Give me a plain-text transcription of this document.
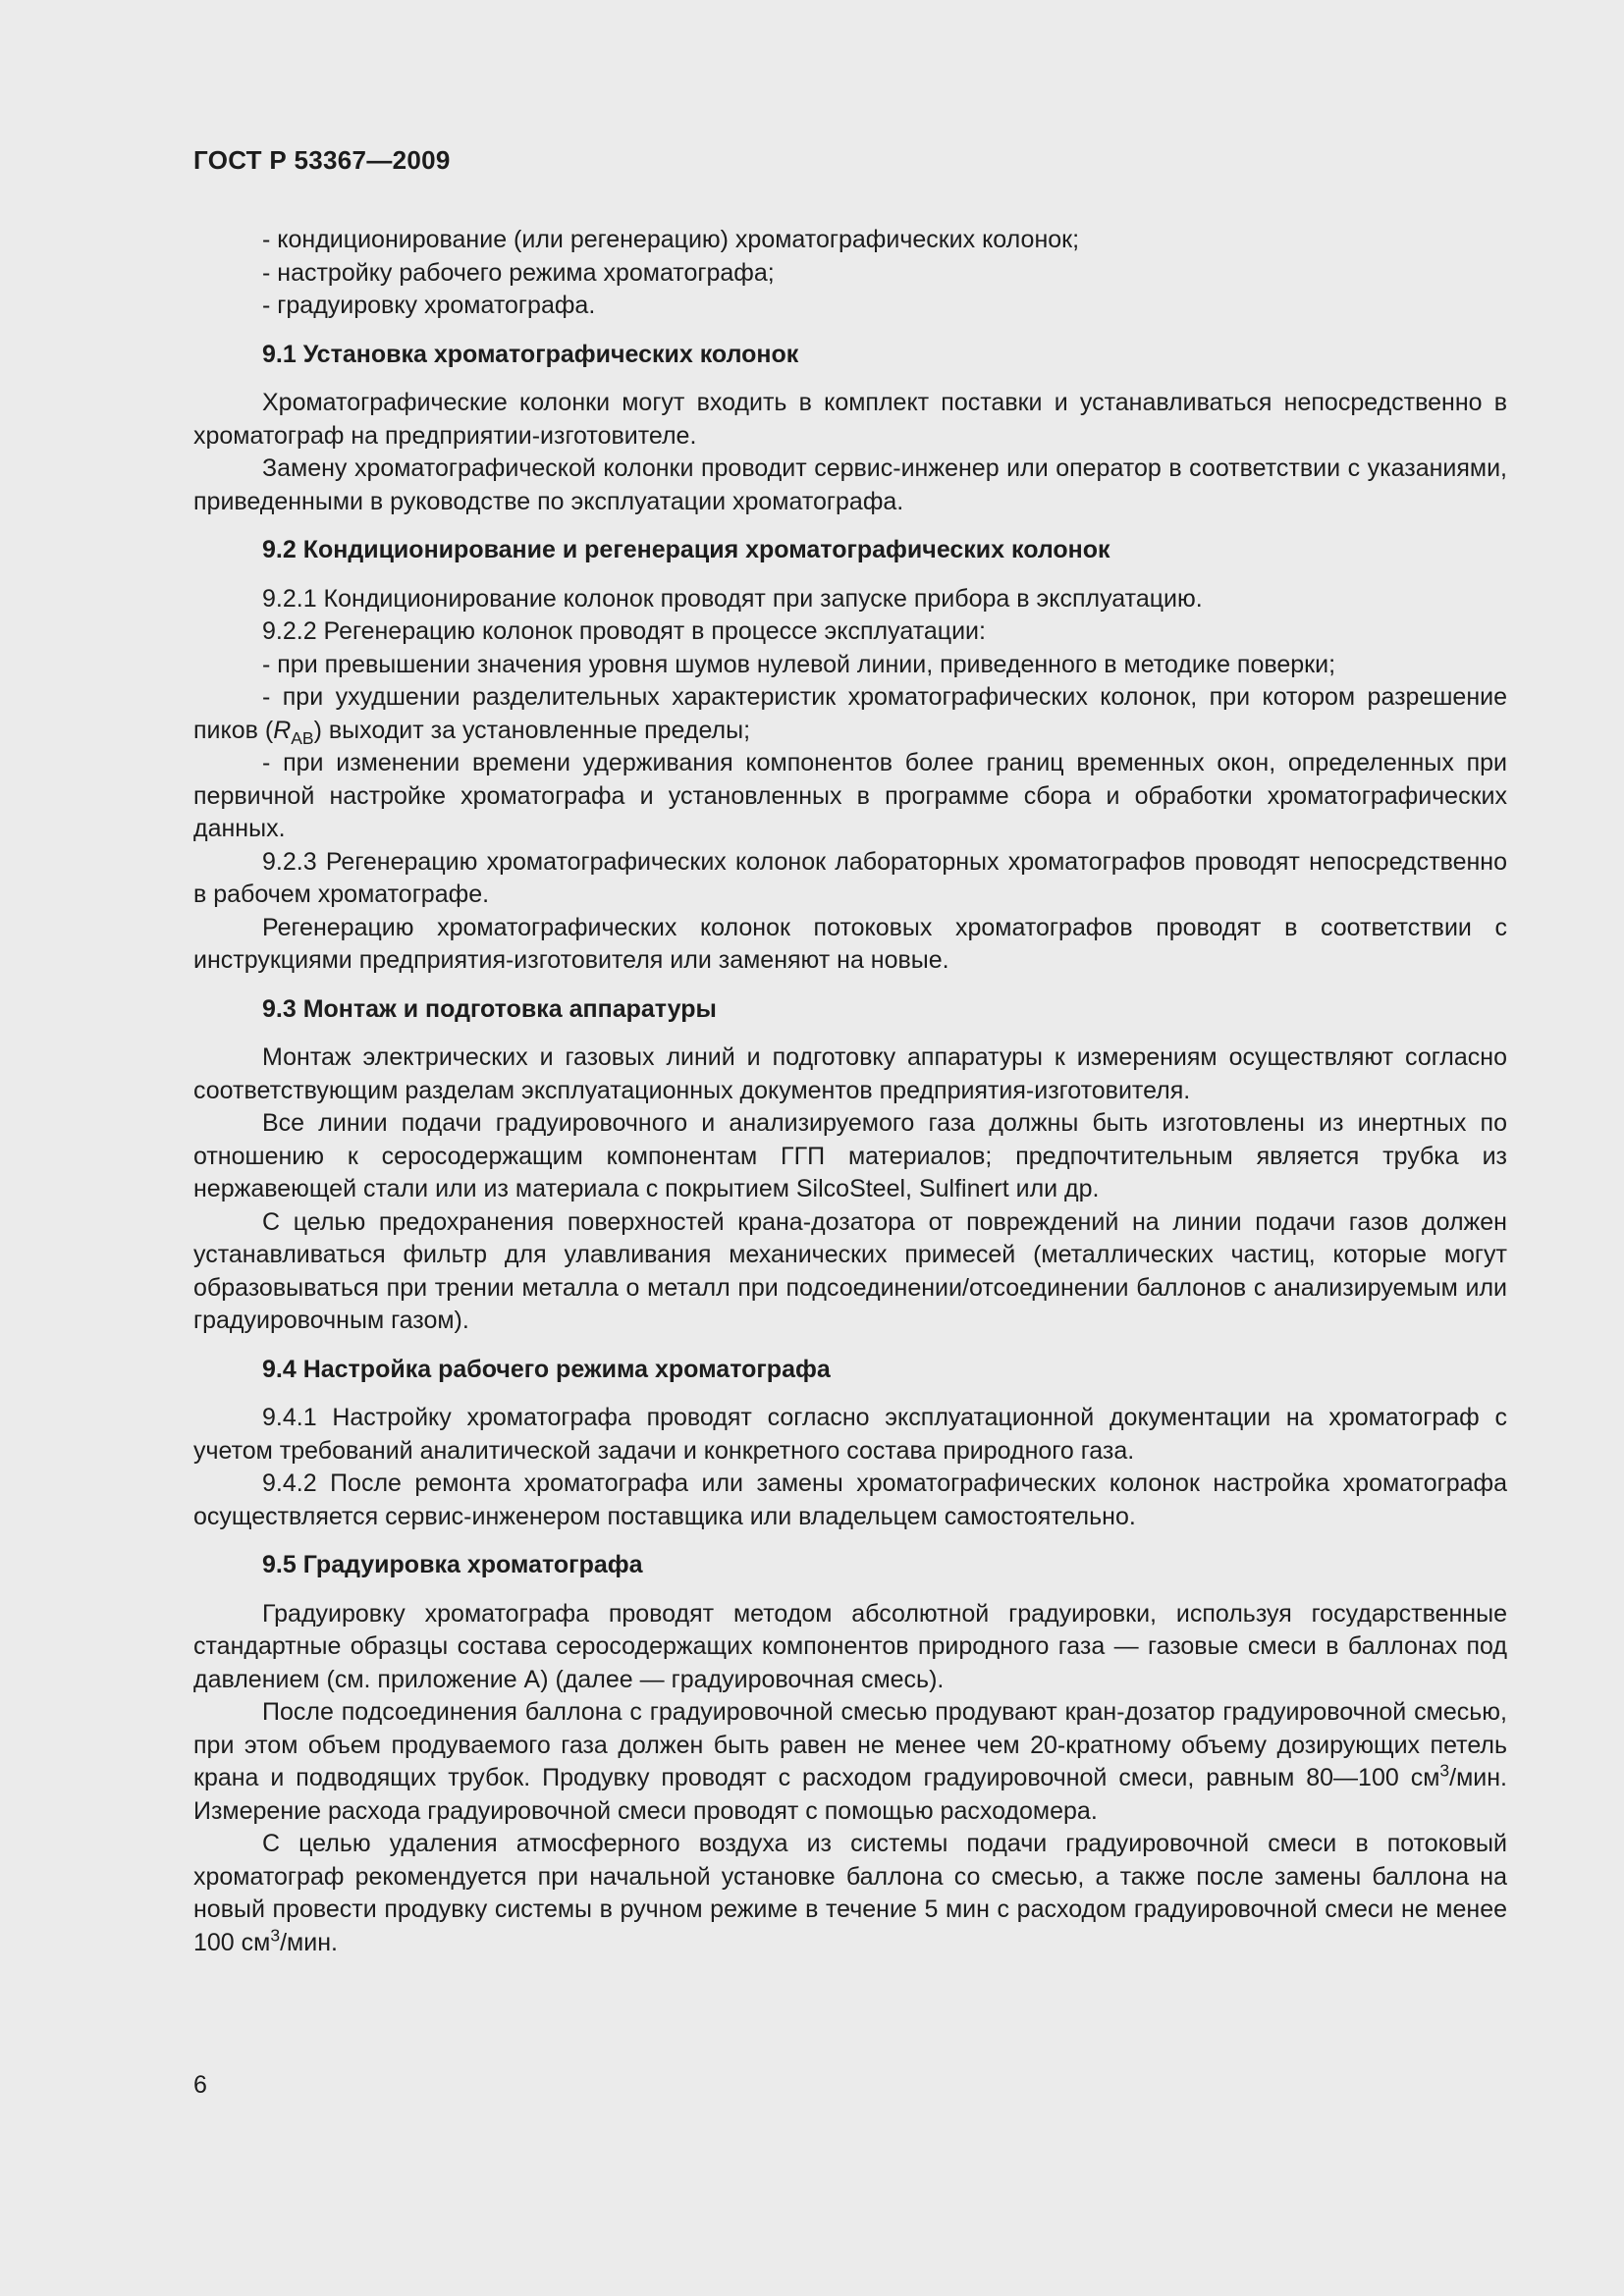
ГОСТ Р 53367—2009

- кондиционирование (или регенерацию) хроматографических колонок;

- настройку рабочего режима хроматографа;

- градуировку хроматографа.

9.1 Установка хроматографических колонок

Хроматографические колонки могут входить в комплект поставки и устанавливаться непосредственно в хроматограф на предприятии-изготовителе.

Замену хроматографической колонки проводит сервис-инженер или оператор в соответствии с указаниями, приведенными в руководстве по эксплуатации хроматографа.

9.2 Кондиционирование и регенерация хроматографических колонок

9.2.1 Кондиционирование колонок проводят при запуске прибора в эксплуатацию.

9.2.2 Регенерацию колонок проводят в процессе эксплуатации:

- при превышении значения уровня шумов нулевой линии, приведенного в методике поверки;

- при ухудшении разделительных характеристик хроматографических колонок, при котором разрешение пиков $(R_{AB})$ выходит за установленные пределы;

- при изменении времени удерживания компонентов более границ временных окон, определенных при первичной настройке хроматографа и установленных в программе сбора и обработки хроматографических данных.

9.2.3 Регенерацию хроматографических колонок лабораторных хроматографов проводят непосредственно в рабочем хроматографе.

Регенерацию хроматографических колонок потоковых хроматографов проводят в соответствии с инструкциями предприятия-изготовителя или заменяют на новые.

9.3 Монтаж и подготовка аппаратуры

Монтаж электрических и газовых линий и подготовку аппаратуры к измерениям осуществляют согласно соответствующим разделам эксплуатационных документов предприятия-изготовителя.

Все линии подачи градуировочного и анализируемого газа должны быть изготовлены из инертных по отношению к серосодержащим компонентам ГГП материалов; предпочтительным является трубка из нержавеющей стали или из материала с покрытием SilcoSteel, Sulfinert или др.

С целью предохранения поверхностей крана-дозатора от повреждений на линии подачи газов должен устанавливаться фильтр для улавливания механических примесей (металлических частиц, которые могут образовываться при трении металла о металл при подсоединении/отсоединении баллонов с анализируемым или градуировочным газом).

9.4 Настройка рабочего режима хроматографа

9.4.1 Настройку хроматографа проводят согласно эксплуатационной документации на хроматограф с учетом требований аналитической задачи и конкретного состава природного газа.

9.4.2 После ремонта хроматографа или замены хроматографических колонок настройка хроматографа осуществляется сервис-инженером поставщика или владельцем самостоятельно.

9.5 Градуировка хроматографа

Градуировку хроматографа проводят методом абсолютной градуировки, используя государственные стандартные образцы состава серосодержащих компонентов природного газа — газовые смеси в баллонах под давлением (см. приложение А) (далее — градуировочная смесь).

После подсоединения баллона с градуировочной смесью продувают кран-дозатор градуировочной смесью, при этом объем продуваемого газа должен быть равен не менее чем 20-кратному объему дозирующих петель крана и подводящих трубок. Продувку проводят с расходом градуировочной смеси, равным 80—100 $см^3$/мин. Измерение расхода градуировочной смеси проводят с помощью расходомера.

С целью удаления атмосферного воздуха из системы подачи градуировочной смеси в потоковый хроматограф рекомендуется при начальной установке баллона со смесью, а также после замены баллона на новый провести продувку системы в ручном режиме в течение 5 мин с расходом градуировочной смеси не менее 100 $см^3$/мин.

6
